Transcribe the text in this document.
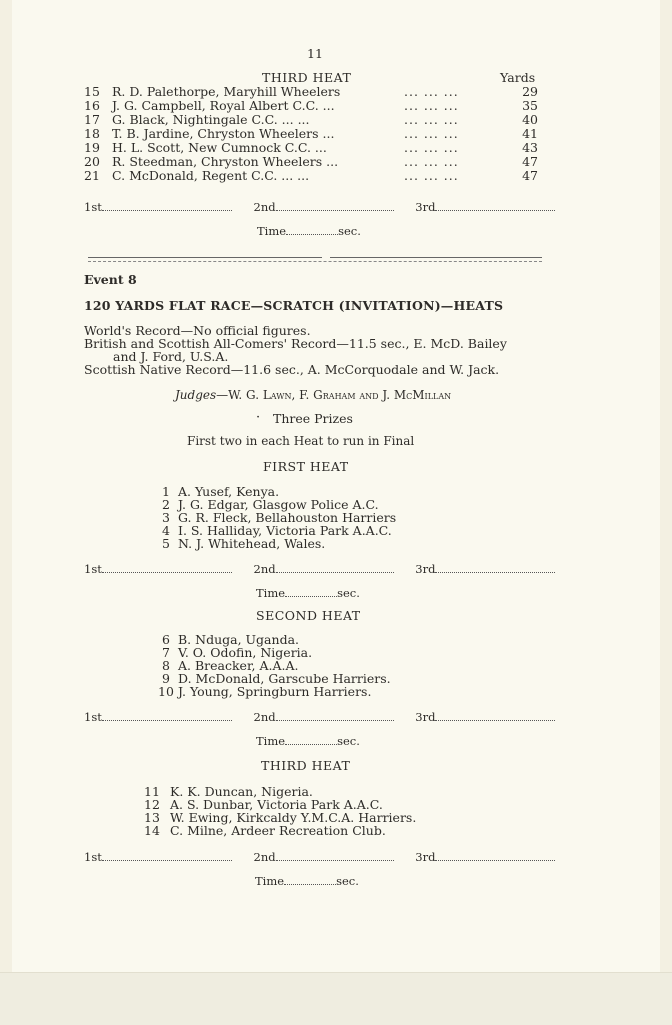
11
THIRD HEAT	Yards
15 R. D. Palethorpe, Maryhill Wheelers	... ... ...	29
16 J. G. Campbell, Royal Albert C.C. ...	... ... ...	35
17 G. Black, Nightingale C.C. ... ...	... ... ...	40
18 T. B. Jardine, Chryston Wheelers ...	... ... ...	41
19 H. L. Scott, New Cumnock C.C. ...	... ... ...	43
20 R. Steedman, Chryston Wheelers ...	... ... ...	47
21 C. McDonald, Regent C.C. ... ...	... ... ...	47
1st	2nd	3rd
Time	sec.
Event 8
120 YARDS FLAT RACE—SCRATCH (INVITATION)—HEATS
World's Record—No official figures.
British and Scottish All-Comers' Record—11.5 sec., E. McD. Bailey
and J. Ford, U.S.A.
Scottish Native Record—11.6 sec., A. McCorquodale and W. Jack.
Judges—W. G. Lawn, F. Graham and J. McMillan
· Three Prizes
First two in each Heat to run in Final
FIRST HEAT
1 A. Yusef, Kenya.
2 J. G. Edgar, Glasgow Police A.C.
3 G. R. Fleck, Bellahouston Harriers
4 I. S. Halliday, Victoria Park A.A.C.
5 N. J. Whitehead, Wales.
1st	2nd	3rd
Time	sec.
SECOND HEAT
6 B. Nduga, Uganda.
7 V. O. Odofin, Nigeria.
8 A. Breacker, A.A.A.
9 D. McDonald, Garscube Harriers.
10 J. Young, Springburn Harriers.
1st	2nd	3rd
Time	sec.
THIRD HEAT
11 K. K. Duncan, Nigeria.
12 A. S. Dunbar, Victoria Park A.A.C.
13 W. Ewing, Kirkcaldy Y.M.C.A. Harriers.
14 C. Milne, Ardeer Recreation Club.
1st	2nd	3rd
Time	sec.
